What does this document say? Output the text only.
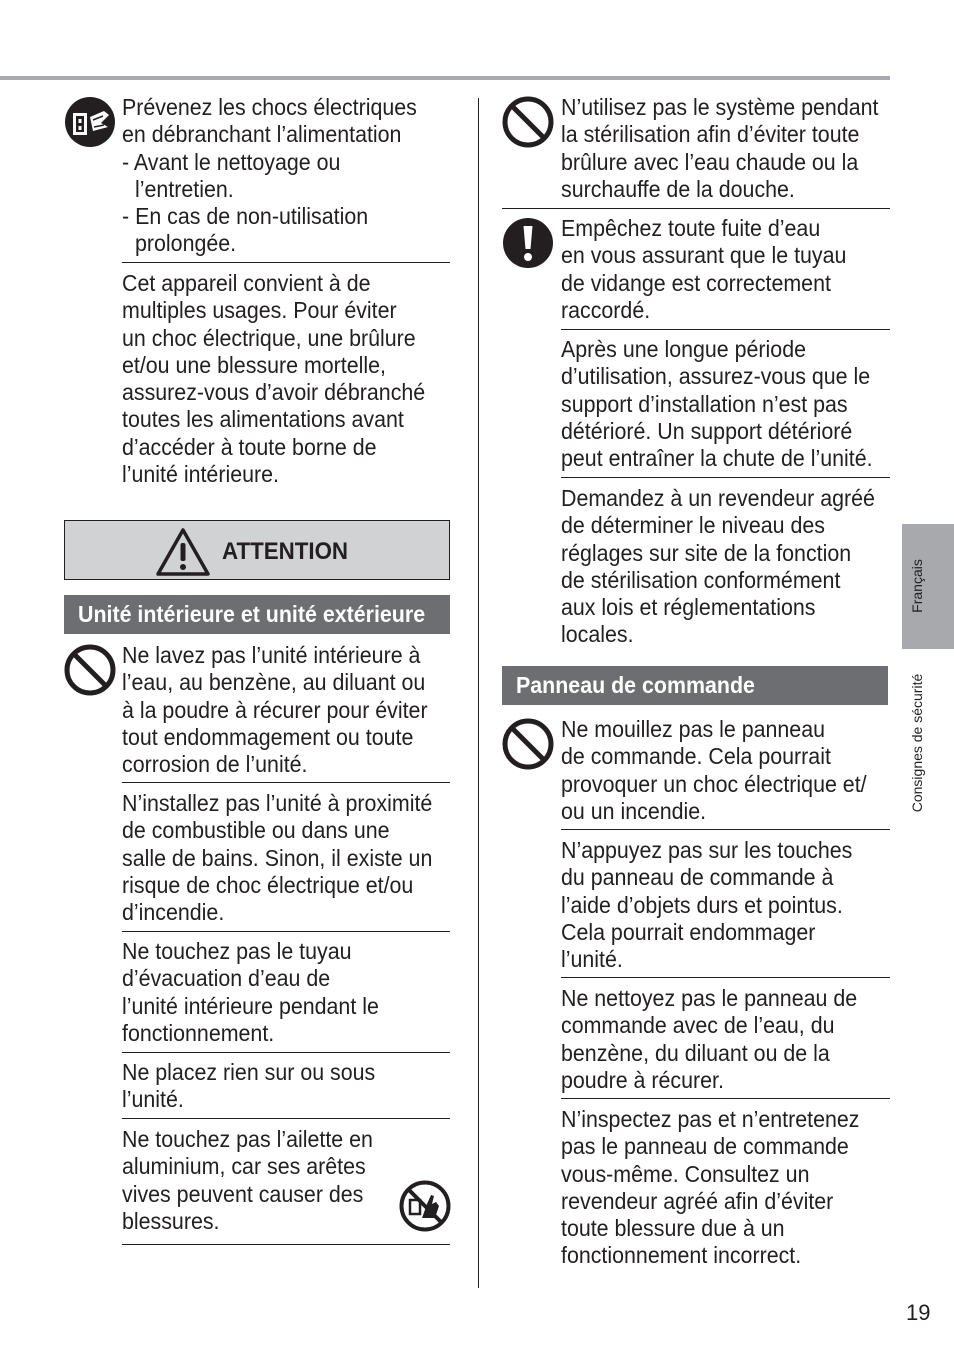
Prévenez les chocs électriques
en débranchant l’alimentation
- Avant le nettoyage ou
l’entretien.
- En cas de non-utilisation
prolongée.
Cet appareil convient à de
multiples usages. Pour éviter
un choc électrique, une brûlure
et/ou une blessure mortelle,
assurez-vous d’avoir débranché
toutes les alimentations avant
d’accéder à toute borne de
l’unité intérieure.
ATTENTION
Unité intérieure et unité extérieure
Ne lavez pas l’unité intérieure à
l’eau, au benzène, au diluant ou
à la poudre à récurer pour éviter
tout endommagement ou toute
corrosion de l’unité.
N’installez pas l’unité à proximité
de combustible ou dans une
salle de bains. Sinon, il existe un
risque de choc électrique et/ou
d’incendie.
Ne touchez pas le tuyau
d’évacuation d’eau de
l’unité intérieure pendant le
fonctionnement.
Ne placez rien sur ou sous
l’unité.
Ne touchez pas l’ailette en
aluminium, car ses arêtes
vives peuvent causer des
blessures.
N’utilisez pas le système pendant
la stérilisation afin d’éviter toute
brûlure avec l’eau chaude ou la
surchauffe de la douche.
Empêchez toute fuite d’eau
en vous assurant que le tuyau
de vidange est correctement
raccordé.
Après une longue période
d’utilisation, assurez-vous que le
support d’installation n’est pas
détérioré. Un support détérioré
peut entraîner la chute de l’unité.
Demandez à un revendeur agréé
de déterminer le niveau des
réglages sur site de la fonction
de stérilisation conformément
aux lois et réglementations
locales.
Panneau de commande
Ne mouillez pas le panneau
de commande. Cela pourrait
provoquer un choc électrique et/
ou un incendie.
N’appuyez pas sur les touches
du panneau de commande à
l’aide d’objets durs et pointus.
Cela pourrait endommager
l’unité.
Ne nettoyez pas le panneau de
commande avec de l’eau, du
benzène, du diluant ou de la
poudre à récurer.
N’inspectez pas et n’entretenez
pas le panneau de commande
vous-même. Consultez un
revendeur agréé afin d’éviter
toute blessure due à un
fonctionnement incorrect.
Français
Consignes de sécurité
19
